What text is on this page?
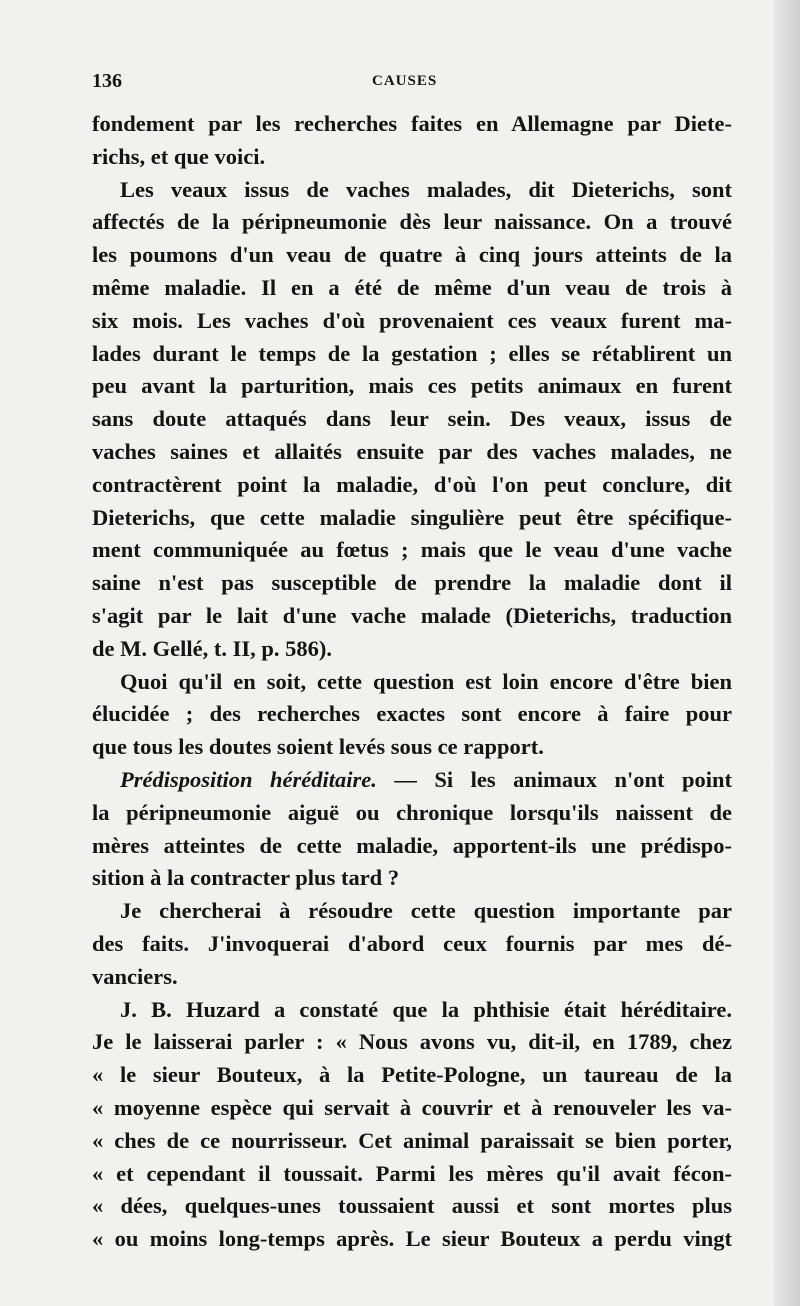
136	CAUSES
fondement par les recherches faites en Allemagne par Diete-
richs, et que voici.
Les veaux issus de vaches malades, dit Dieterichs, sont
affectés de la péripneumonie dès leur naissance. On a trouvé
les poumons d'un veau de quatre à cinq jours atteints de la
même maladie. Il en a été de même d'un veau de trois à
six mois. Les vaches d'où provenaient ces veaux furent ma-
lades durant le temps de la gestation ; elles se rétablirent un
peu avant la parturition, mais ces petits animaux en furent
sans doute attaqués dans leur sein. Des veaux, issus de
vaches saines et allaités ensuite par des vaches malades, ne
contractèrent point la maladie, d'où l'on peut conclure, dit
Dieterichs, que cette maladie singulière peut être spécifique-
ment communiquée au fœtus ; mais que le veau d'une vache
saine n'est pas susceptible de prendre la maladie dont il
s'agit par le lait d'une vache malade (Dieterichs, traduction
de M. Gellé, t. II, p. 586).
Quoi qu'il en soit, cette question est loin encore d'être bien
élucidée ; des recherches exactes sont encore à faire pour
que tous les doutes soient levés sous ce rapport.
Prédisposition héréditaire. — Si les animaux n'ont point
la péripneumonie aiguë ou chronique lorsqu'ils naissent de
mères atteintes de cette maladie, apportent-ils une prédispo-
sition à la contracter plus tard ?
Je chercherai à résoudre cette question importante par
des faits. J'invoquerai d'abord ceux fournis par mes dé-
vanciers.
J. B. Huzard a constaté que la phthisie était héréditaire.
Je le laisserai parler : « Nous avons vu, dit-il, en 1789, chez
« le sieur Bouteux, à la Petite-Pologne, un taureau de la
« moyenne espèce qui servait à couvrir et à renouveler les va-
« ches de ce nourrisseur. Cet animal paraissait se bien porter,
« et cependant il toussait. Parmi les mères qu'il avait fécon-
« dées, quelques-unes toussaient aussi et sont mortes plus
« ou moins long-temps après. Le sieur Bouteux a perdu vingt
